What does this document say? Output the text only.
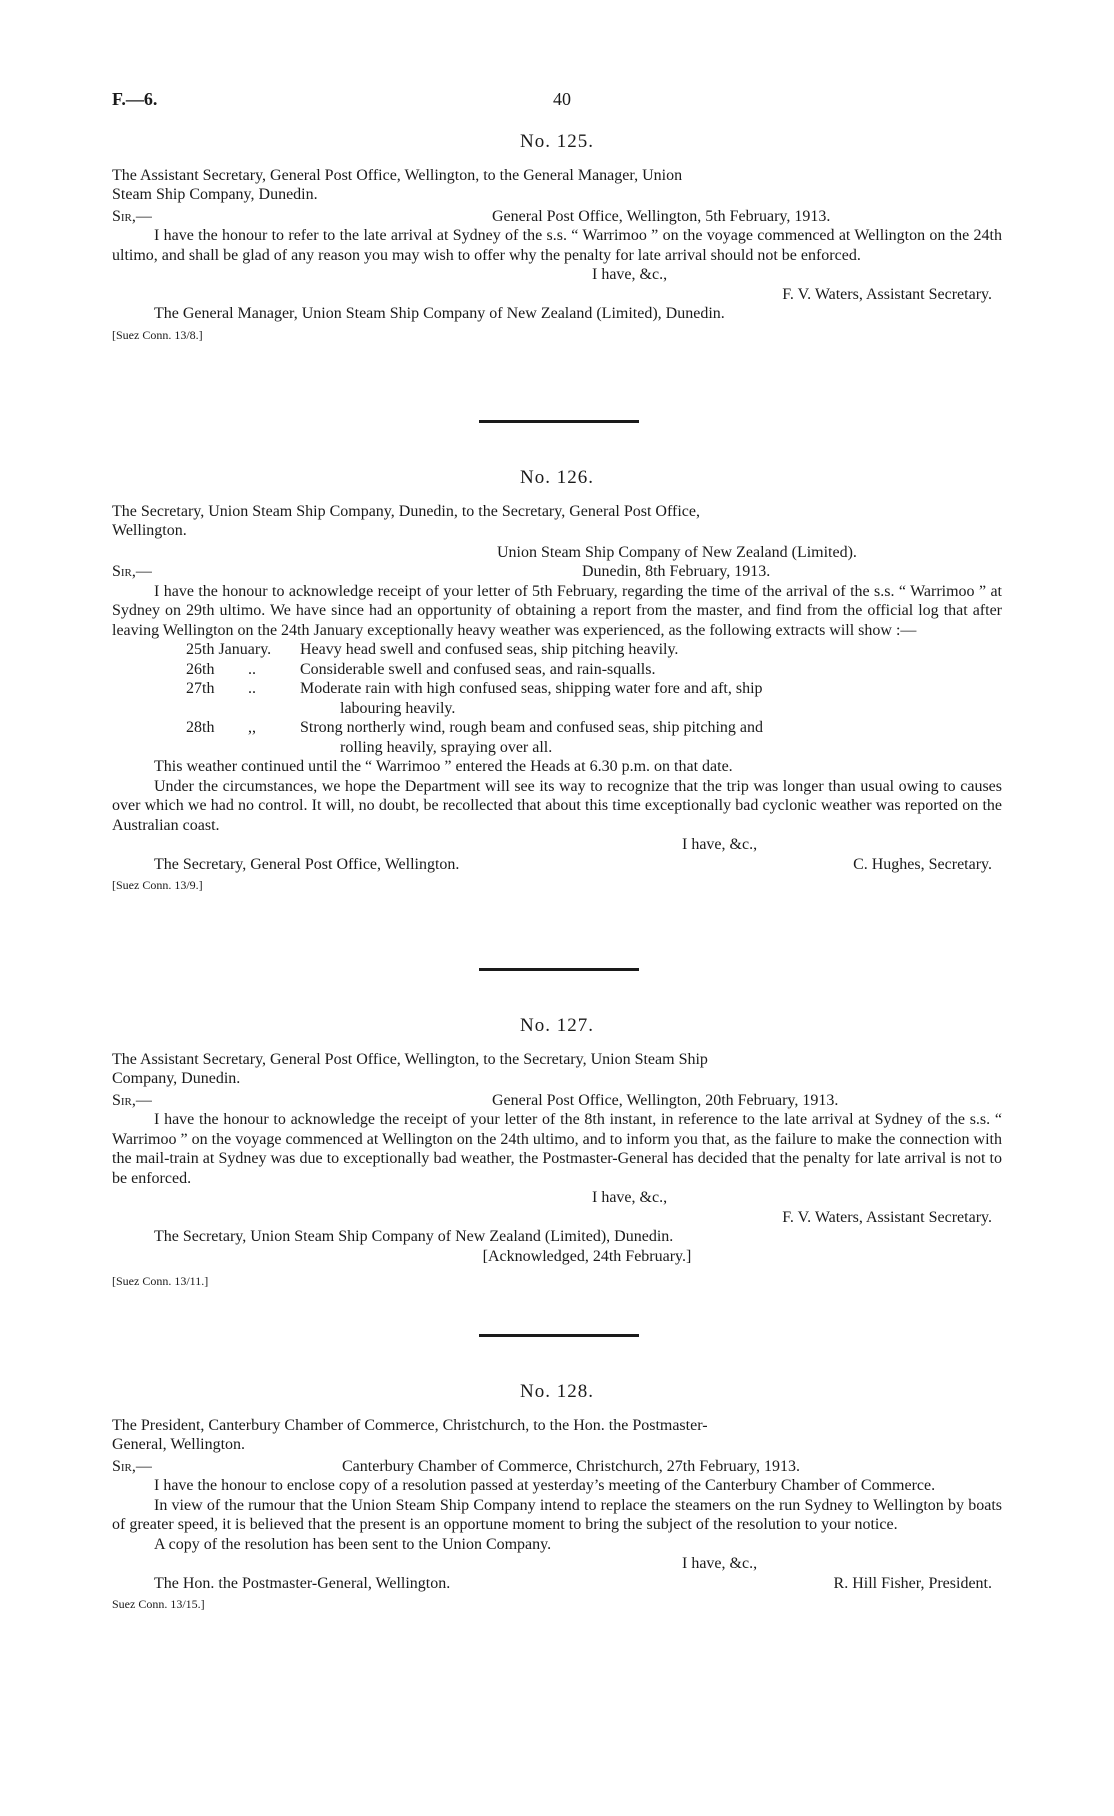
F.—6.	40
No. 125.
The Assistant Secretary, General Post Office, Wellington, to the General Manager, Union
Steam Ship Company, Dunedin.
Sir,—	General Post Office, Wellington, 5th February, 1913.

I have the honour to refer to the late arrival at Sydney of the s.s. “ Warrimoo ” on the voyage commenced at Wellington on the 24th ultimo, and shall be glad of any reason you may wish to offer why the penalty for late arrival should not be enforced.

I have, &c.,
F. V. Waters, Assistant Secretary.
The General Manager, Union Steam Ship Company of New Zealand (Limited), Dunedin.
[Suez Conn. 13/8.]
No. 126.
The Secretary, Union Steam Ship Company, Dunedin, to the Secretary, General Post Office,
Wellington.
Union Steam Ship Company of New Zealand (Limited).
Sir,—	Dunedin, 8th February, 1913.

I have the honour to acknowledge receipt of your letter of 5th February, regarding the time of the arrival of the s.s. “ Warrimoo ” at Sydney on 29th ultimo. We have since had an opportunity of obtaining a report from the master, and find from the official log that after leaving Wellington on the 24th January exceptionally heavy weather was experienced, as the following extracts will show :—

25th January.	Heavy head swell and confused seas, ship pitching heavily.
26th	..	Considerable swell and confused seas, and rain-squalls.
27th	..	Moderate rain with high confused seas, shipping water fore and aft, ship
labouring heavily.
28th	,,	Strong northerly wind, rough beam and confused seas, ship pitching and
rolling heavily, spraying over all.

This weather continued until the “ Warrimoo ” entered the Heads at 6.30 p.m. on that date.

Under the circumstances, we hope the Department will see its way to recognize that the trip was longer than usual owing to causes over which we had no control. It will, no doubt, be recollected that about this time exceptionally bad cyclonic weather was reported on the Australian coast.

I have, &c.,
The Secretary, General Post Office, Wellington.	C. Hughes, Secretary.
[Suez Conn. 13/9.]
No. 127.
The Assistant Secretary, General Post Office, Wellington, to the Secretary, Union Steam Ship
Company, Dunedin.
Sir,—	General Post Office, Wellington, 20th February, 1913.

I have the honour to acknowledge the receipt of your letter of the 8th instant, in reference to the late arrival at Sydney of the s.s. “ Warrimoo ” on the voyage commenced at Wellington on the 24th ultimo, and to inform you that, as the failure to make the connection with the mail-train at Sydney was due to exceptionally bad weather, the Postmaster-General has decided that the penalty for late arrival is not to be enforced.

I have, &c.,
F. V. Waters, Assistant Secretary.
The Secretary, Union Steam Ship Company of New Zealand (Limited), Dunedin.
[Acknowledged, 24th February.]
[Suez Conn. 13/11.]
No. 128.
The President, Canterbury Chamber of Commerce, Christchurch, to the Hon. the Postmaster-
General, Wellington.
Sir,—	Canterbury Chamber of Commerce, Christchurch, 27th February, 1913.

I have the honour to enclose copy of a resolution passed at yesterday’s meeting of the Canterbury Chamber of Commerce.

In view of the rumour that the Union Steam Ship Company intend to replace the steamers on the run Sydney to Wellington by boats of greater speed, it is believed that the present is an opportune moment to bring the subject of the resolution to your notice.

A copy of the resolution has been sent to the Union Company.

I have, &c.,
The Hon. the Postmaster-General, Wellington.	R. Hill Fisher, President.
Suez Conn. 13/15.]
